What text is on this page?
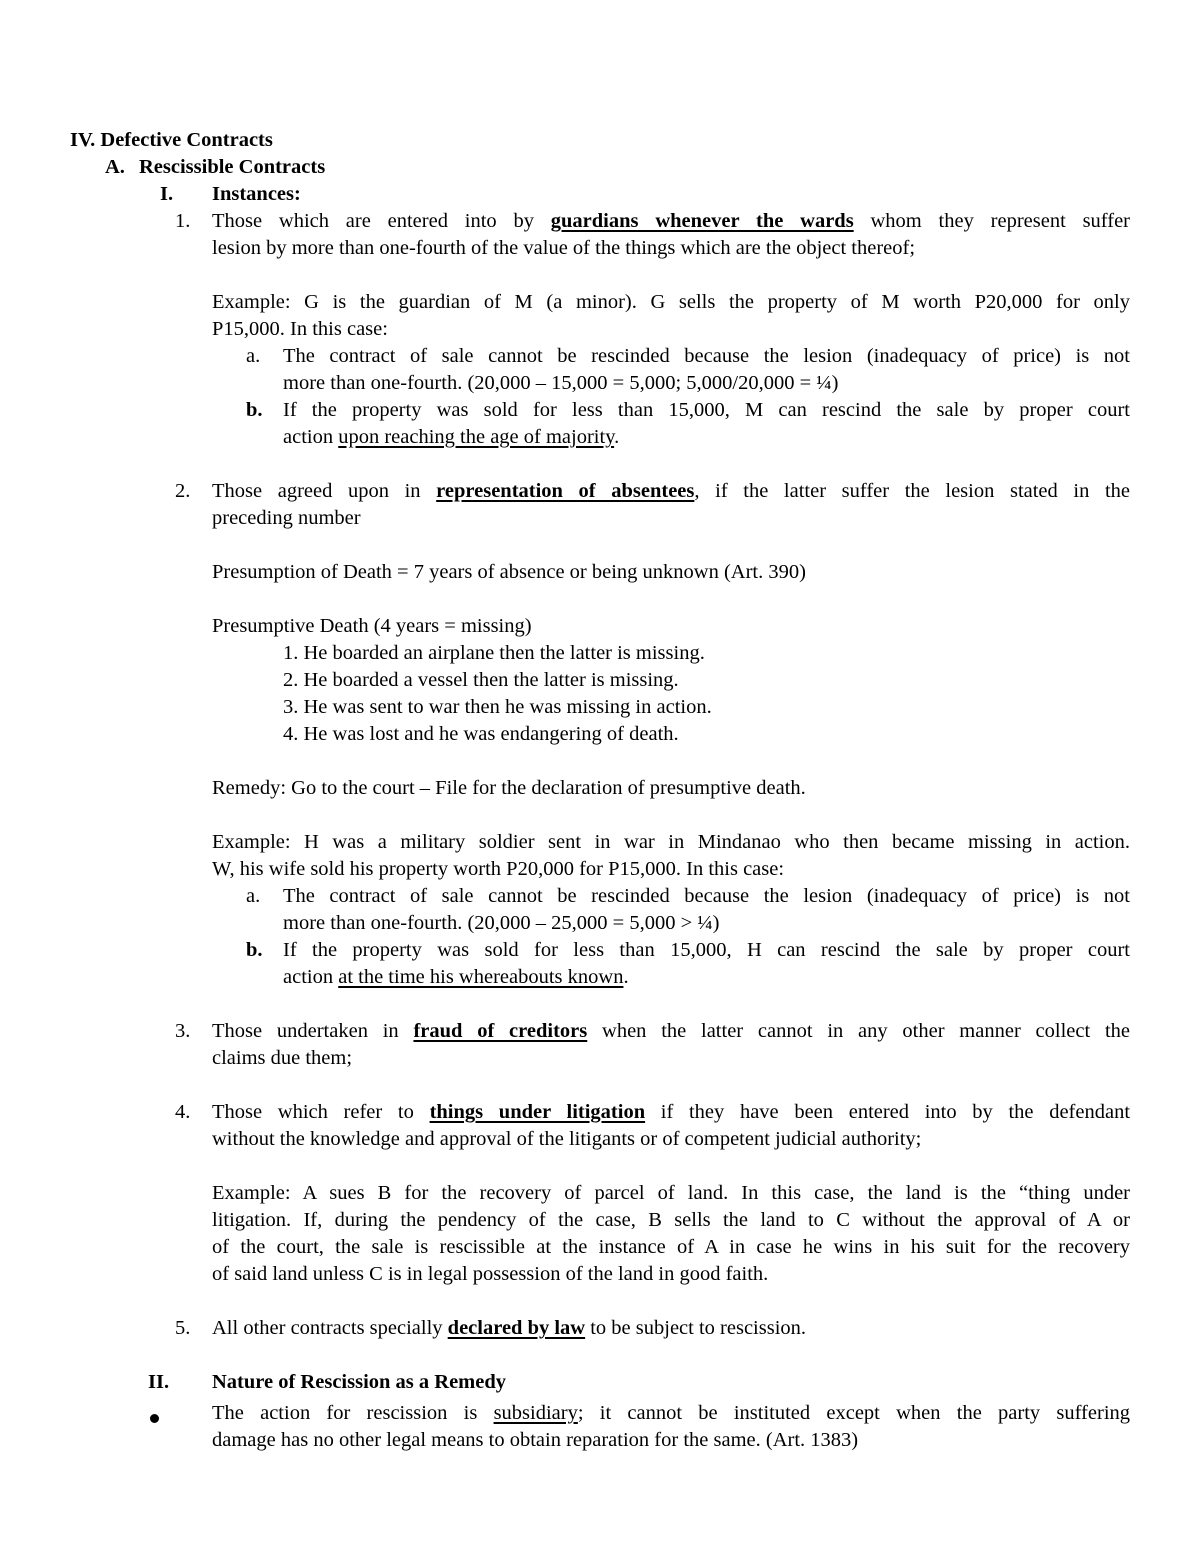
IV. Defective Contracts
A. Rescissible Contracts
I. Instances:
1. Those which are entered into by guardians whenever the wards whom they represent suffer
lesion by more than one-fourth of the value of the things which are the object thereof;
Example: G is the guardian of M (a minor). G sells the property of M worth P20,000 for only
P15,000. In this case:
a. The contract of sale cannot be rescinded because the lesion (inadequacy of price) is not
more than one-fourth. (20,000 – 15,000 = 5,000; 5,000/20,000 = ¼)
b. If the property was sold for less than 15,000, M can rescind the sale by proper court
action upon reaching the age of majority.
2. Those agreed upon in representation of absentees, if the latter suffer the lesion stated in the
preceding number
Presumption of Death = 7 years of absence or being unknown (Art. 390)
Presumptive Death (4 years = missing)
1. He boarded an airplane then the latter is missing.
2. He boarded a vessel then the latter is missing.
3. He was sent to war then he was missing in action.
4. He was lost and he was endangering of death.
Remedy: Go to the court – File for the declaration of presumptive death.
Example: H was a military soldier sent in war in Mindanao who then became missing in action.
W, his wife sold his property worth P20,000 for P15,000. In this case:
a. The contract of sale cannot be rescinded because the lesion (inadequacy of price) is not
more than one-fourth. (20,000 – 25,000 = 5,000 > ¼)
b. If the property was sold for less than 15,000, H can rescind the sale by proper court
action at the time his whereabouts known.
3. Those undertaken in fraud of creditors when the latter cannot in any other manner collect the
claims due them;
4. Those which refer to things under litigation if they have been entered into by the defendant
without the knowledge and approval of the litigants or of competent judicial authority;
Example: A sues B for the recovery of parcel of land. In this case, the land is the “thing under
litigation. If, during the pendency of the case, B sells the land to C without the approval of A or
of the court, the sale is rescissible at the instance of A in case he wins in his suit for the recovery
of said land unless C is in legal possession of the land in good faith.
5. All other contracts specially declared by law to be subject to rescission.
II. Nature of Rescission as a Remedy
The action for rescission is subsidiary; it cannot be instituted except when the party suffering
damage has no other legal means to obtain reparation for the same. (Art. 1383)
